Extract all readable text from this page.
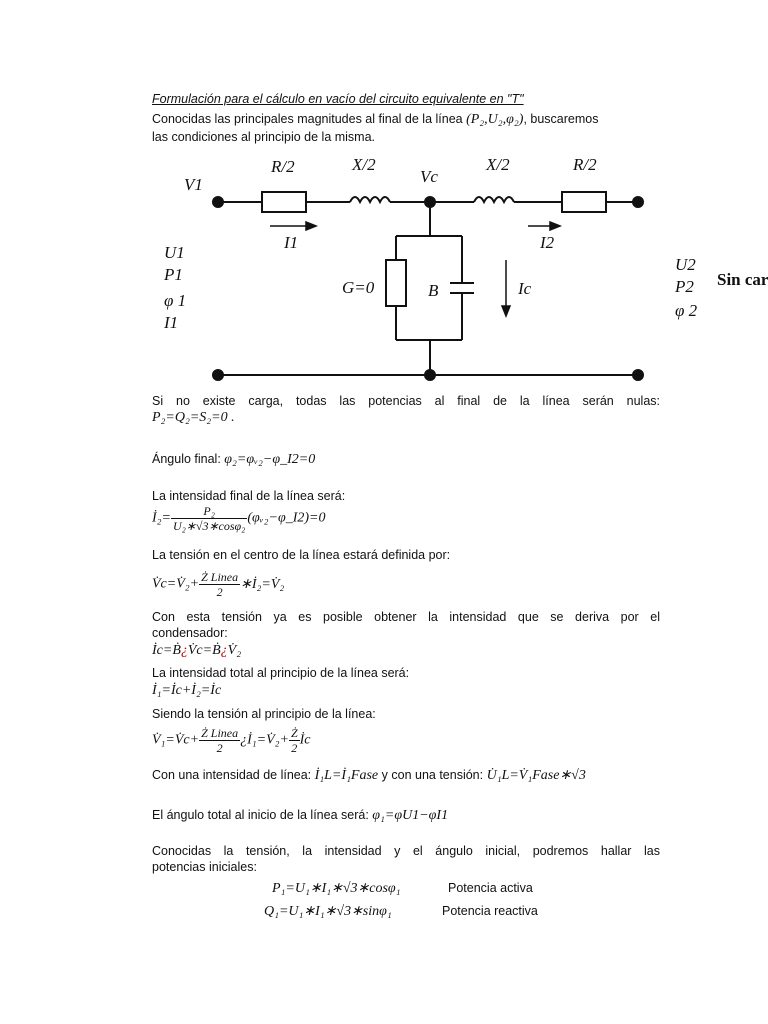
Formulación para el cálculo en vacío del circuito equivalente en "T"
Conocidas las principales magnitudes al final de la línea (P₂,U₂,φ₂), buscaremos
las condiciones al principio de la misma.
R/2	X/2
Vc
X/2	R/2
V1
I1	I2
Ic
G=0	B
U1
P1
φ 1
I1
U2
P2
φ 2
Sin car
Si no existe carga, todas las potencias al final de la línea serán nulas:
P₂=Q₂=S₂=0 .
Ángulo final: φ₂=φᵥ₂−φ_I2=0
La intensidad final de la línea será:
İ₂= $\frac{\text{P₂}}{\text{U₂∗√3∗cosφ₂}}$ (φᵥ₂−φ_I2)=0
La tensión en el centro de la línea estará definida por:
V̇c=V̇₂+ $\frac{\text{Ż Linea}}{2}$ ∗İ₂=V̇₂
Con esta tensión ya es posible obtener la intensidad que se deriva por el
condensador:
İc=Ḃ¿V̇c=Ḃ¿V̇₂
La intensidad total al principio de la línea será:
İ₁=İc+İ₂=İc
Siendo la tensión al principio de la línea:
V̇₁=V̇c+ $\frac{\text{Ż Linea}}{2}$ ¿İ₁=V̇₂+ $\frac{Ż}{2}$ İc
Con una intensidad de línea: İ₁L=İ₁Fase y con una tensión: U̇₁L=V̇₁Fase∗√3
El ángulo total al inicio de la línea será: φ₁=φU1−φI1
Conocidas la tensión, la intensidad y el ángulo inicial, podremos hallar las
potencias iniciales:
P₁=U₁∗I₁∗√3∗cosφ₁	Potencia activa
Q₁=U₁∗I₁∗√3∗sinφ₁	Potencia reactiva
